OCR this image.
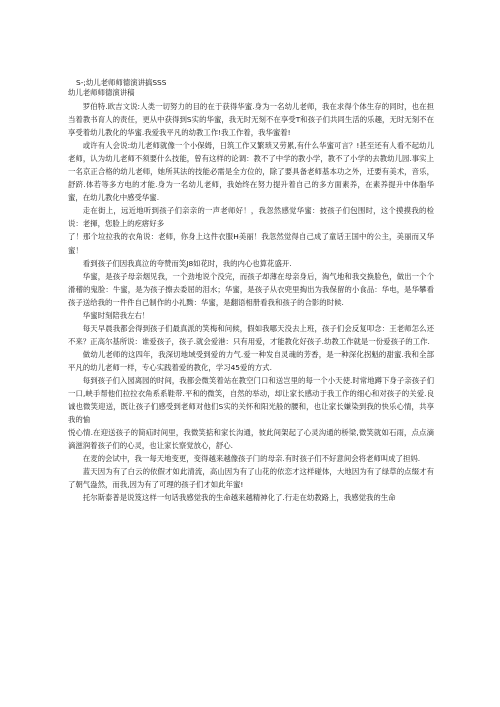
S-;幼儿老师师德演讲搞SSS

幼儿老师师德演讲稿

罗伯特.欧吉文说:人类一切努力的目的在于获得华蜜.身为一名幼儿老师，我在求得个体生存的同时，也在担当着教书育人的责任，更从中获得到S实的华蜜，我无时无刻不在享受T和孩子们共同生活的乐趣，无时无刻不在享受着幼儿教化的华蜜.我爱我平凡的幼教工作!我工作着，我华蜜着!

或许有人会说:幼儿老师就像一个小保姆，日筑工作又繁琐又劳累,有什么华蜜可言？!甚至还有人看不起幼儿老师，认为幼儿老师不须要什么技能，曾有这样的论调：教不了中学的教小学，教不了小学的去教幼儿园.事实上一名京正合格的幼儿老师，她所其法的技能必需是全方位的，除了要具备老师基本功之外，迁要有美术，音乐，舒跻.体若等多方电的才能.身为一名幼儿老师，我始终在努力提升着自己的多方面素养，在素养提升中体脂华蜜，在幼儿教化中感受华蜜.

走在街上，远近地听到孩子们亲亲的一声老师好！，我忽然感觉华蜜：披孩子们包围时，这个摸摸我的检说：老揮，您脸上的疙瘩好多

了！那个垃拉我的衣角说：老师，你身上这件衣服H美丽！我忽然觉得自己成了童话王国中的公主，美丽而又华蜜！

看到孩子们因我真泣的夸赞而笑J8如花时，我的内心也算花盛开.

华蜜，是孩子母亲烟见我，一个劲地说个没完，而孩子却薄在母亲身后，淘气地和我交换脸色，做出一个个滑稽的鬼脸：牛蜜，是为孩子擦去委屈的泪水；华蜜，是孩子从衣兜里掏出为我保留的小食品：华电，是华攀看孩子送给我的一件件自己制作的小礼黝：华蜜，是翻语相册看我和孩子的合影的时候.

华蜜时刻陪我左右！

每天早晨我都会得到孩子们最真派的笑梅和问候，假如我哪天没去上班，孩子们会反复叩念：王老师怎么还不来？正高尔基所说：谁爱孩子，孩子.就会爱港：只有用爱，才能教化好孩子.幼教工作就是一份爱孩子的工作.

做幼儿老师的这四年，我深切地域受到爱的力气.爱一种发自灵魂的芳香，是一种深化拐魁的甜蜜.我和全部平凡的幼儿老师一样，专心实践着爱的教化，学习45爱的方式.

每到孩子们入园离园的时间，我都会微笑着站在教空门口和送岂里的每一个小天使.时常地蹲下身子亲孩子们一口,峡手帮他们拉拉衣角系系鞋带.平和的微笑，自然的举动，却让家长感动于我工作的细心和对孩子的关爱.良诚也微笑迎送，既让孩子们感受到老师对他们S实的关怀和阳光般的腰和，也让家长嫌染到我的快乐心情，共享我的愉

悦心情.在迎送孩子的简疝时间里，我微笑掂和家长沟通，彼此间架起了心灵沟通的桥梁,微笑就如石雨，点点滴滴滋润着孩子们的心灵，也让家长察觉放心，舒心.

在麦的会试中，我一每天地变更，变得越来越像孩子门的母亲.有时孩子们不好意间会将老师叫成了担妈.

蓝天因为有了白云的依假才如此清流，高山因为有了山花的依恋才这样碰体，大地因为有了绿草的点缀才有了朝气盎然，而我,因为有了可理的孩子们才如此年蜜!

托尔斯泰普是说笈这样一句话我感觉我的生命越来越精神化了.行走在幼教路上，我感觉我的生命
